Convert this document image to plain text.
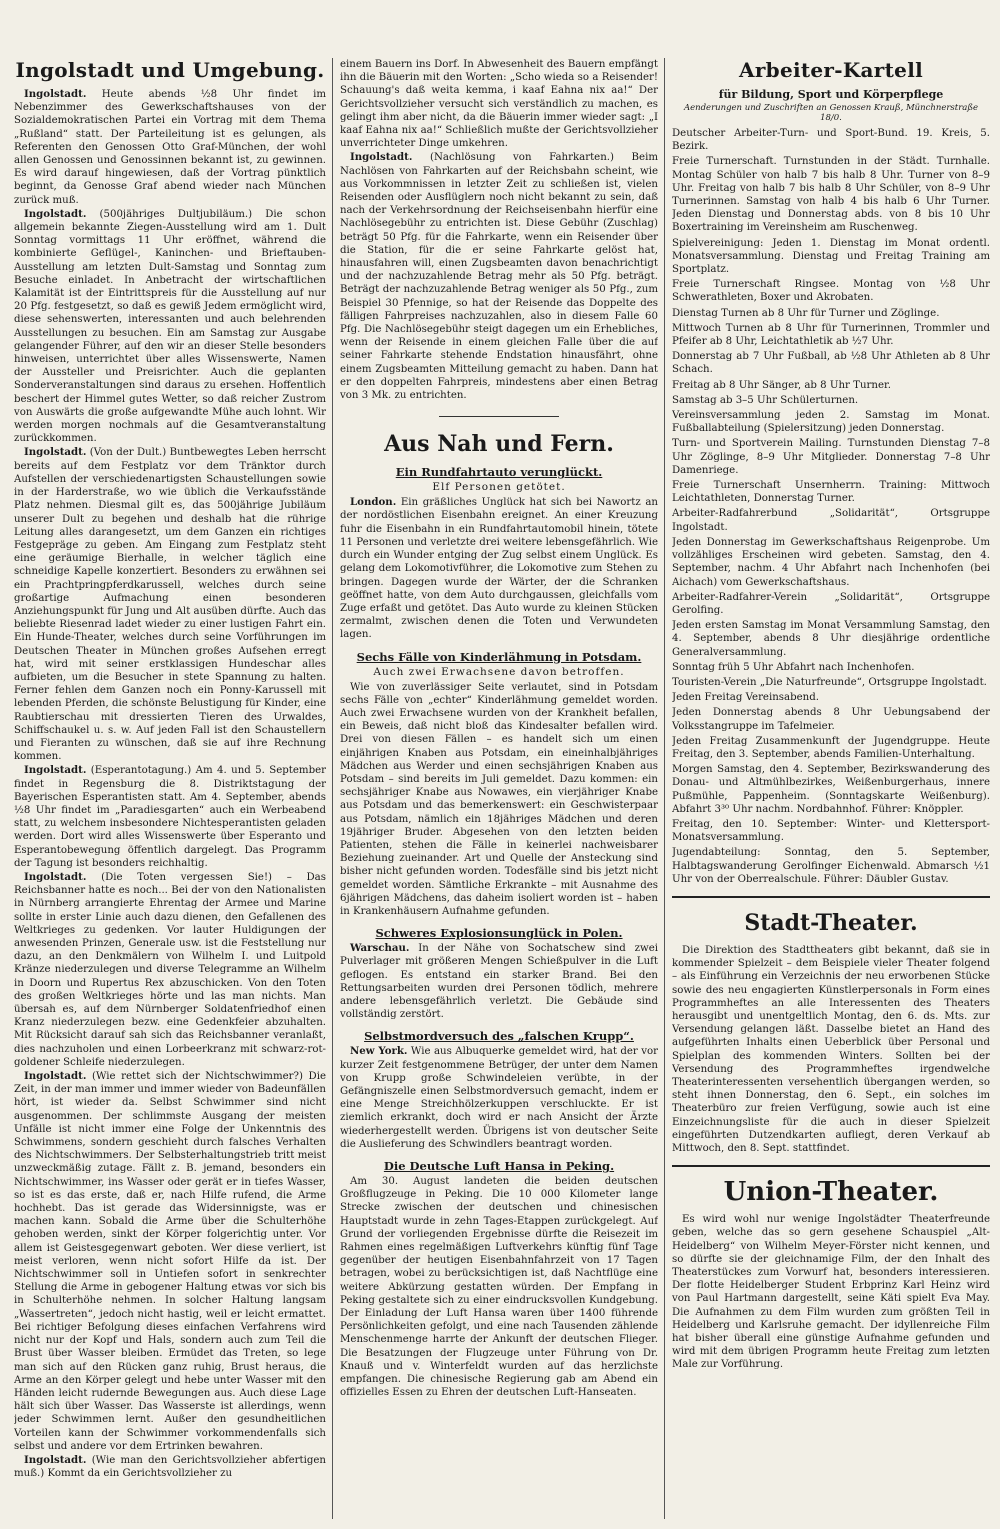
Ingolstadt und Umgebung.

Ingolstadt. Heute abends ½8 Uhr findet im Nebenzimmer des Gewerkschaftshauses von der Sozialdemokratischen Partei ein Vortrag mit dem Thema „Rußland“ statt. Der Parteileitung ist es gelungen, als Referenten den Genossen Otto Graf-München, der wohl allen Genossen und Genossinnen bekannt ist, zu gewinnen. Es wird darauf hingewiesen, daß der Vortrag pünktlich beginnt, da Genosse Graf abend wieder nach München zurück muß.

Ingolstadt. (500jähriges Dultjubiläum.) Die schon allgemein bekannte Ziegen-Ausstellung wird am 1. Dult Sonntag vormittags 11 Uhr eröffnet, während die kombinierte Geflügel-, Kaninchen- und Brieftauben-Ausstellung am letzten Dult-Samstag und Sonntag zum Besuche einladet. In Anbetracht der wirtschaftlichen Kalamität ist der Eintrittspreis für die Ausstellung auf nur 20 Pfg. festgesetzt, so daß es gewiß Jedem ermöglicht wird, diese sehenswerten, interessanten und auch belehrenden Ausstellungen zu besuchen. Ein am Samstag zur Ausgabe gelangender Führer, auf den wir an dieser Stelle besonders hinweisen, unterrichtet über alles Wissenswerte, Namen der Aussteller und Preisrichter. Auch die geplanten Sonderveranstaltungen sind daraus zu ersehen. Hoffentlich beschert der Himmel gutes Wetter, so daß reicher Zustrom von Auswärts die große aufgewandte Mühe auch lohnt. Wir werden morgen nochmals auf die Gesamtveranstaltung zurückkommen.

Ingolstadt. (Von der Dult.) Buntbewegtes Leben herrscht bereits auf dem Festplatz vor dem Tränktor durch Aufstellen der verschiedenartigsten Schaustellungen sowie in der Harderstraße, wo wie üblich die Verkaufsstände Platz nehmen. Diesmal gilt es, das 500jährige Jubiläum unserer Dult zu begehen und deshalb hat die rührige Leitung alles darangesetzt, um dem Ganzen ein richtiges Festgepräge zu geben. Am Eingang zum Festplatz steht eine geräumige Bierhalle, in welcher täglich eine schneidige Kapelle konzertiert. Besonders zu erwähnen sei ein Prachtpringpferdkarussell, welches durch seine großartige Aufmachung einen besonderen Anziehungspunkt für Jung und Alt ausüben dürfte. Auch das beliebte Riesenrad ladet wieder zu einer lustigen Fahrt ein. Ein Hunde-Theater, welches durch seine Vorführungen im Deutschen Theater in München großes Aufsehen erregt hat, wird mit seiner erstklassigen Hundeschar alles aufbieten, um die Besucher in stete Spannung zu halten. Ferner fehlen dem Ganzen noch ein Ponny-Karussell mit lebenden Pferden, die schönste Belustigung für Kinder, eine Raubtierschau mit dressierten Tieren des Urwaldes, Schiffschaukel u. s. w. Auf jeden Fall ist den Schaustellern und Fieranten zu wünschen, daß sie auf ihre Rechnung kommen.

Ingolstadt. (Esperantotagung.) Am 4. und 5. September findet in Regensburg die 8. Distriktstagung der Bayerischen Esperantisten statt. Am 4. September, abends ½8 Uhr findet im „Paradiesgarten“ auch ein Werbeabend statt, zu welchem insbesondere Nichtesperantisten geladen werden. Dort wird alles Wissenswerte über Esperanto und Esperantobewegung öffentlich dargelegt. Das Programm der Tagung ist besonders reichhaltig.

Ingolstadt. (Die Toten vergessen Sie!) – Das Reichsbanner hatte es noch... Bei der von den Nationalisten in Nürnberg arrangierte Ehrentag der Armee und Marine sollte in erster Linie auch dazu dienen, den Gefallenen des Weltkrieges zu gedenken. Vor lauter Huldigungen der anwesenden Prinzen, Generale usw. ist die Feststellung nur dazu, an den Denkmälern von Wilhelm I. und Luitpold Kränze niederzulegen und diverse Telegramme an Wilhelm in Doorn und Rupertus Rex abzuschicken. Von den Toten des großen Weltkrieges hörte und las man nichts. Man übersah es, auf dem Nürnberger Soldatenfriedhof einen Kranz niederzulegen bezw. eine Gedenkfeier abzuhalten. Mit Rücksicht darauf sah sich das Reichsbanner veranlaßt, dies nachzuholen und einen Lorbeerkranz mit schwarz-rot-goldener Schleife niederzulegen.

Ingolstadt. (Wie rettet sich der Nichtschwimmer?) Die Zeit, in der man immer und immer wieder von Badeunfällen hört, ist wieder da. Selbst Schwimmer sind nicht ausgenommen. Der schlimmste Ausgang der meisten Unfälle ist nicht immer eine Folge der Unkenntnis des Schwimmens, sondern geschieht durch falsches Verhalten des Nichtschwimmers. Der Selbsterhaltungstrieb tritt meist unzweckmäßig zutage. Fällt z. B. jemand, besonders ein Nichtschwimmer, ins Wasser oder gerät er in tiefes Wasser, so ist es das erste, daß er, nach Hilfe rufend, die Arme hochhebt. Das ist gerade das Widersinnigste, was er machen kann. Sobald die Arme über die Schulterhöhe gehoben werden, sinkt der Körper folgerichtig unter. Vor allem ist Geistesgegenwart geboten. Wer diese verliert, ist meist verloren, wenn nicht sofort Hilfe da ist. Der Nichtschwimmer soll in Untiefen sofort in senkrechter Stellung die Arme in gebogener Haltung etwas vor sich bis in Schulterhöhe nehmen. In solcher Haltung langsam „Wassertreten“, jedoch nicht hastig, weil er leicht ermattet. Bei richtiger Befolgung dieses einfachen Verfahrens wird nicht nur der Kopf und Hals, sondern auch zum Teil die Brust über Wasser bleiben. Ermüdet das Treten, so lege man sich auf den Rücken ganz ruhig, Brust heraus, die Arme an den Körper gelegt und hebe unter Wasser mit den Händen leicht rudernde Bewegungen aus. Auch diese Lage hält sich über Wasser. Das Wasserste ist allerdings, wenn jeder Schwimmen lernt. Außer den gesundheitlichen Vorteilen kann der Schwimmer vorkommendenfalls sich selbst und andere vor dem Ertrinken bewahren.

Ingolstadt. (Wie man den Gerichtsvollzieher abfertigen muß.) Kommt da ein Gerichtsvollzieher zu

einem Bauern ins Dorf. In Abwesenheit des Bauern empfängt ihn die Bäuerin mit den Worten: „Scho wieda so a Reisender! Schauung's daß weita kemma, i kaaf Eahna nix aa!“ Der Gerichtsvollzieher versucht sich verständlich zu machen, es gelingt ihm aber nicht, da die Bäuerin immer wieder sagt: „I kaaf Eahna nix aa!“ Schließlich mußte der Gerichtsvollzieher unverrichteter Dinge umkehren.

Ingolstadt. (Nachlösung von Fahrkarten.) Beim Nachlösen von Fahrkarten auf der Reichsbahn scheint, wie aus Vorkommnissen in letzter Zeit zu schließen ist, vielen Reisenden oder Ausflüglern noch nicht bekannt zu sein, daß nach der Verkehrsordnung der Reichseisenbahn hierfür eine Nachlösegebühr zu entrichten ist. Diese Gebühr (Zuschlag) beträgt 50 Pfg. für die Fahrkarte, wenn ein Reisender über die Station, für die er seine Fahrkarte gelöst hat, hinausfahren will, einen Zugsbeamten davon benachrichtigt und der nachzuzahlende Betrag mehr als 50 Pfg. beträgt. Beträgt der nachzuzahlende Betrag weniger als 50 Pfg., zum Beispiel 30 Pfennige, so hat der Reisende das Doppelte des fälligen Fahrpreises nachzuzahlen, also in diesem Falle 60 Pfg. Die Nachlösegebühr steigt dagegen um ein Erhebliches, wenn der Reisende in einem gleichen Falle über die auf seiner Fahrkarte stehende Endstation hinausfährt, ohne einem Zugsbeamten Mitteilung gemacht zu haben. Dann hat er den doppelten Fahrpreis, mindestens aber einen Betrag von 3 Mk. zu entrichten.

Aus Nah und Fern.
Ein Rundfahrtauto verunglückt.
Elf Personen getötet.

London. Ein gräßliches Unglück hat sich bei Nawortz an der nordöstlichen Eisenbahn ereignet. An einer Kreuzung fuhr die Eisenbahn in ein Rundfahrtautomobil hinein, tötete 11 Personen und verletzte drei weitere lebensgefährlich. Wie durch ein Wunder entging der Zug selbst einem Unglück. Es gelang dem Lokomotivführer, die Lokomotive zum Stehen zu bringen. Dagegen wurde der Wärter, der die Schranken geöffnet hatte, von dem Auto durchgaussen, gleichfalls vom Zuge erfaßt und getötet. Das Auto wurde zu kleinen Stücken zermalmt, zwischen denen die Toten und Verwundeten lagen.

Sechs Fälle von Kinderlähmung in Potsdam.
Auch zwei Erwachsene davon betroffen.

Wie von zuverlässiger Seite verlautet, sind in Potsdam sechs Fälle von „echter“ Kinderlähmung gemeldet worden. Auch zwei Erwachsene wurden von der Krankheit befallen, ein Beweis, daß nicht bloß das Kindesalter befallen wird. Drei von diesen Fällen – es handelt sich um einen einjährigen Knaben aus Potsdam, ein eineinhalbjähriges Mädchen aus Werder und einen sechsjährigen Knaben aus Potsdam – sind bereits im Juli gemeldet. Dazu kommen: ein sechsjähriger Knabe aus Nowawes, ein vierjähriger Knabe aus Potsdam und das bemerkenswert: ein Geschwisterpaar aus Potsdam, nämlich ein 18jähriges Mädchen und deren 19jähriger Bruder. Abgesehen von den letzten beiden Patienten, stehen die Fälle in keinerlei nachweisbarer Beziehung zueinander. Art und Quelle der Ansteckung sind bisher nicht gefunden worden. Todesfälle sind bis jetzt nicht gemeldet worden. Sämtliche Erkrankte – mit Ausnahme des 6jährigen Mädchens, das daheim isoliert worden ist – haben in Krankenhäusern Aufnahme gefunden.

Schweres Explosionsunglück in Polen.

Warschau. In der Nähe von Sochatschew sind zwei Pulverlager mit größeren Mengen Schießpulver in die Luft geflogen. Es entstand ein starker Brand. Bei den Rettungsarbeiten wurden drei Personen tödlich, mehrere andere lebensgefährlich verletzt. Die Gebäude sind vollständig zerstört.

Selbstmordversuch des „falschen Krupp“.

New York. Wie aus Albuquerke gemeldet wird, hat der vor kurzer Zeit festgenommene Betrüger, der unter dem Namen von Krupp große Schwindeleien verübte, in der Gefängniszelle einen Selbstmordversuch gemacht, indem er eine Menge Streichhölzerkuppen verschluckte. Er ist ziemlich erkrankt, doch wird er nach Ansicht der Ärzte wiederhergestellt werden. Übrigens ist von deutscher Seite die Auslieferung des Schwindlers beantragt worden.

Die Deutsche Luft Hansa in Peking.

Am 30. August landeten die beiden deutschen Großflugzeuge in Peking. Die 10 000 Kilometer lange Strecke zwischen der deutschen und chinesischen Hauptstadt wurde in zehn Tages-Etappen zurückgelegt. Auf Grund der vorliegenden Ergebnisse dürfte die Reisezeit im Rahmen eines regelmäßigen Luftverkehrs künftig fünf Tage gegenüber der heutigen Eisenbahnfahrzeit von 17 Tagen betragen, wobei zu berücksichtigen ist, daß Nachtflüge eine weitere Abkürzung gestatten würden. Der Empfang in Peking gestaltete sich zu einer eindrucksvollen Kundgebung. Der Einladung der Luft Hansa waren über 1400 führende Persönlichkeiten gefolgt, und eine nach Tausenden zählende Menschenmenge harrte der Ankunft der deutschen Flieger. Die Besatzungen der Flugzeuge unter Führung von Dr. Knauß und v. Winterfeldt wurden auf das herzlichste empfangen. Die chinesische Regierung gab am Abend ein offizielles Essen zu Ehren der deutschen Luft-Hanseaten.

Arbeiter-Kartell
für Bildung, Sport und Körperpflege
Aenderungen und Zuschriften an Genossen Krauß, Münchnerstraße 18/0.
Deutscher Arbeiter-Turn- und Sport-Bund. 19. Kreis, 5. Bezirk.
Freie Turnerschaft. Turnstunden in der Städt. Turnhalle. Montag Schüler von halb 7 bis halb 8 Uhr. Turner von 8–9 Uhr. Freitag von halb 7 bis halb 8 Uhr Schüler, von 8–9 Uhr Turnerinnen. Samstag von halb 4 bis halb 6 Uhr Turner. Jeden Dienstag und Donnerstag abds. von 8 bis 10 Uhr Boxertraining im Vereinsheim am Ruschenweg.
Spielvereinigung: Jeden 1. Dienstag im Monat ordentl. Monatsversammlung. Dienstag und Freitag Training am Sportplatz.
Freie Turnerschaft Ringsee. Montag von ½8 Uhr Schwerathleten, Boxer und Akrobaten.
Dienstag Turnen ab 8 Uhr für Turner und Zöglinge.
Mittwoch Turnen ab 8 Uhr für Turnerinnen, Trommler und Pfeifer ab 8 Uhr, Leichtathletik ab ½7 Uhr.
Donnerstag ab 7 Uhr Fußball, ab ½8 Uhr Athleten ab 8 Uhr Schach.
Freitag ab 8 Uhr Sänger, ab 8 Uhr Turner.
Samstag ab 3–5 Uhr Schülerturnen.
Vereinsversammlung jeden 2. Samstag im Monat. Fußballabteilung (Spielersitzung) jeden Donnerstag.
Turn- und Sportverein Mailing. Turnstunden Dienstag 7–8 Uhr Zöglinge, 8–9 Uhr Mitglieder. Donnerstag 7–8 Uhr Damenriege.
Freie Turnerschaft Unsernherrn. Training: Mittwoch Leichtathleten, Donnerstag Turner.
Arbeiter-Radfahrerbund „Solidarität“, Ortsgruppe Ingolstadt.
Jeden Donnerstag im Gewerkschaftshaus Reigenprobe. Um vollzähliges Erscheinen wird gebeten. Samstag, den 4. September, nachm. 4 Uhr Abfahrt nach Inchenhofen (bei Aichach) vom Gewerkschaftshaus.
Arbeiter-Radfahrer-Verein „Solidarität“, Ortsgruppe Gerolfing.
Jeden ersten Samstag im Monat Versammlung Samstag, den 4. September, abends 8 Uhr diesjährige ordentliche Generalversammlung.
Sonntag früh 5 Uhr Abfahrt nach Inchenhofen.
Touristen-Verein „Die Naturfreunde“, Ortsgruppe Ingolstadt.
Jeden Freitag Vereinsabend.
Jeden Donnerstag abends 8 Uhr Uebungsabend der Volksstangruppe im Tafelmeier.
Jeden Freitag Zusammenkunft der Jugendgruppe. Heute Freitag, den 3. September, abends Familien-Unterhaltung.
Morgen Samstag, den 4. September, Bezirkswanderung des Donau- und Altmühlbezirkes, Weißenburgerhaus, innere Pußmühle, Pappenheim. (Sonntagskarte Weißenburg). Abfahrt 3³⁰ Uhr nachm. Nordbahnhof. Führer: Knöppler.
Freitag, den 10. September: Winter- und Klettersport-Monatsversammlung.
Jugendabteilung: Sonntag, den 5. September, Halbtagswanderung Gerolfinger Eichenwald. Abmarsch ½1 Uhr von der Oberrealschule. Führer: Däubler Gustav.
Stadt-Theater.

Die Direktion des Stadttheaters gibt bekannt, daß sie in kommender Spielzeit – dem Beispiele vieler Theater folgend – als Einführung ein Verzeichnis der neu erworbenen Stücke sowie des neu engagierten Künstlerpersonals in Form eines Programmheftes an alle Interessenten des Theaters herausgibt und unentgeltlich Montag, den 6. ds. Mts. zur Versendung gelangen läßt. Dasselbe bietet an Hand des aufgeführten Inhalts einen Ueberblick über Personal und Spielplan des kommenden Winters. Sollten bei der Versendung des Programmheftes irgendwelche Theaterinteressenten versehentlich übergangen werden, so steht ihnen Donnerstag, den 6. Sept., ein solches im Theaterbüro zur freien Verfügung, sowie auch ist eine Einzeichnungsliste für die auch in dieser Spielzeit eingeführten Dutzendkarten aufliegt, deren Verkauf ab Mittwoch, den 8. Sept. stattfindet.

Union-Theater.

Es wird wohl nur wenige Ingolstädter Theaterfreunde geben, welche das so gern gesehene Schauspiel „Alt-Heidelberg“ von Wilhelm Meyer-Förster nicht kennen, und so dürfte sie der gleichnamige Film, der den Inhalt des Theaterstückes zum Vorwurf hat, besonders interessieren. Der flotte Heidelberger Student Erbprinz Karl Heinz wird von Paul Hartmann dargestellt, seine Käti spielt Eva May. Die Aufnahmen zu dem Film wurden zum größten Teil in Heidelberg und Karlsruhe gemacht. Der idyllenreiche Film hat bisher überall eine günstige Aufnahme gefunden und wird mit dem übrigen Programm heute Freitag zum letzten Male zur Vorführung.
